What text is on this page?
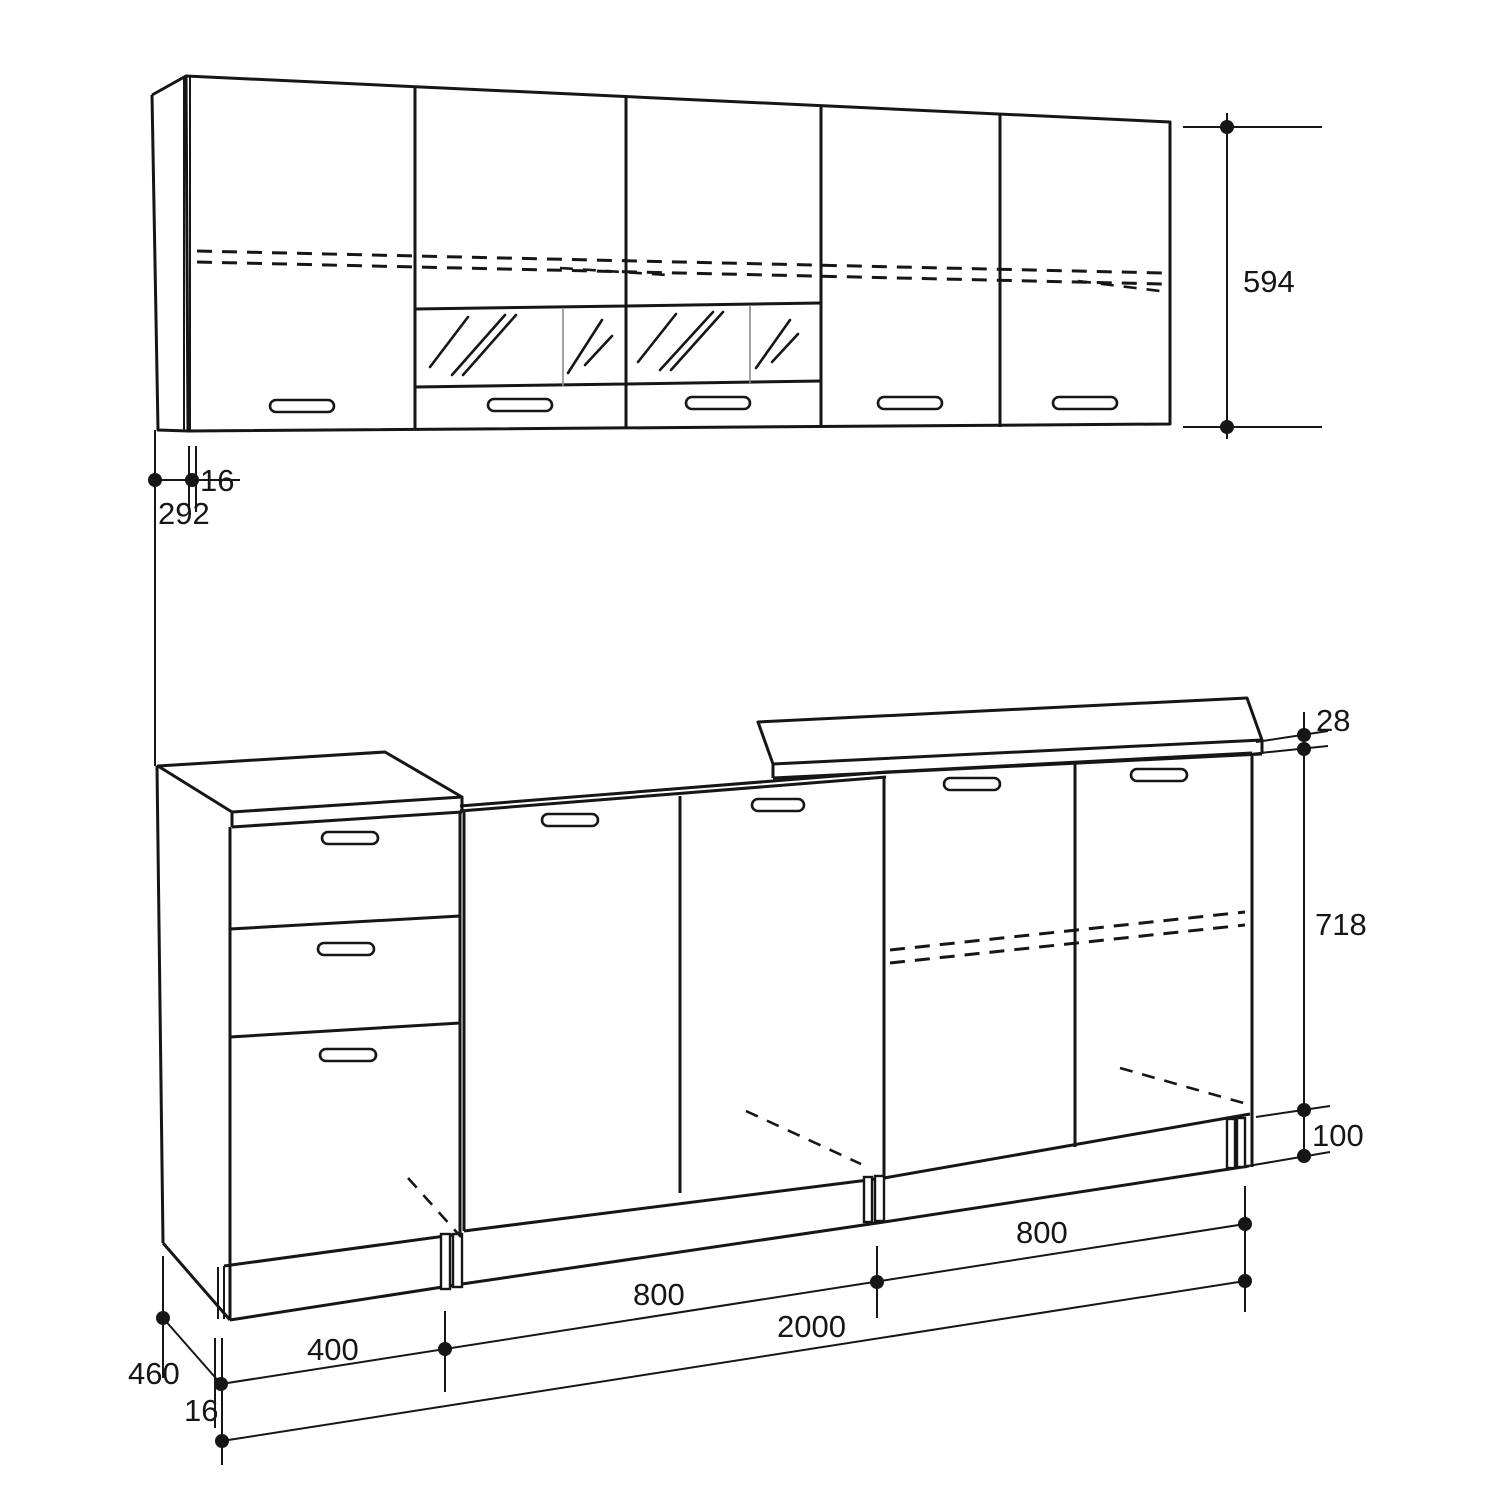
594
16
292
28
718
100
400
800
800
2000
460
16
